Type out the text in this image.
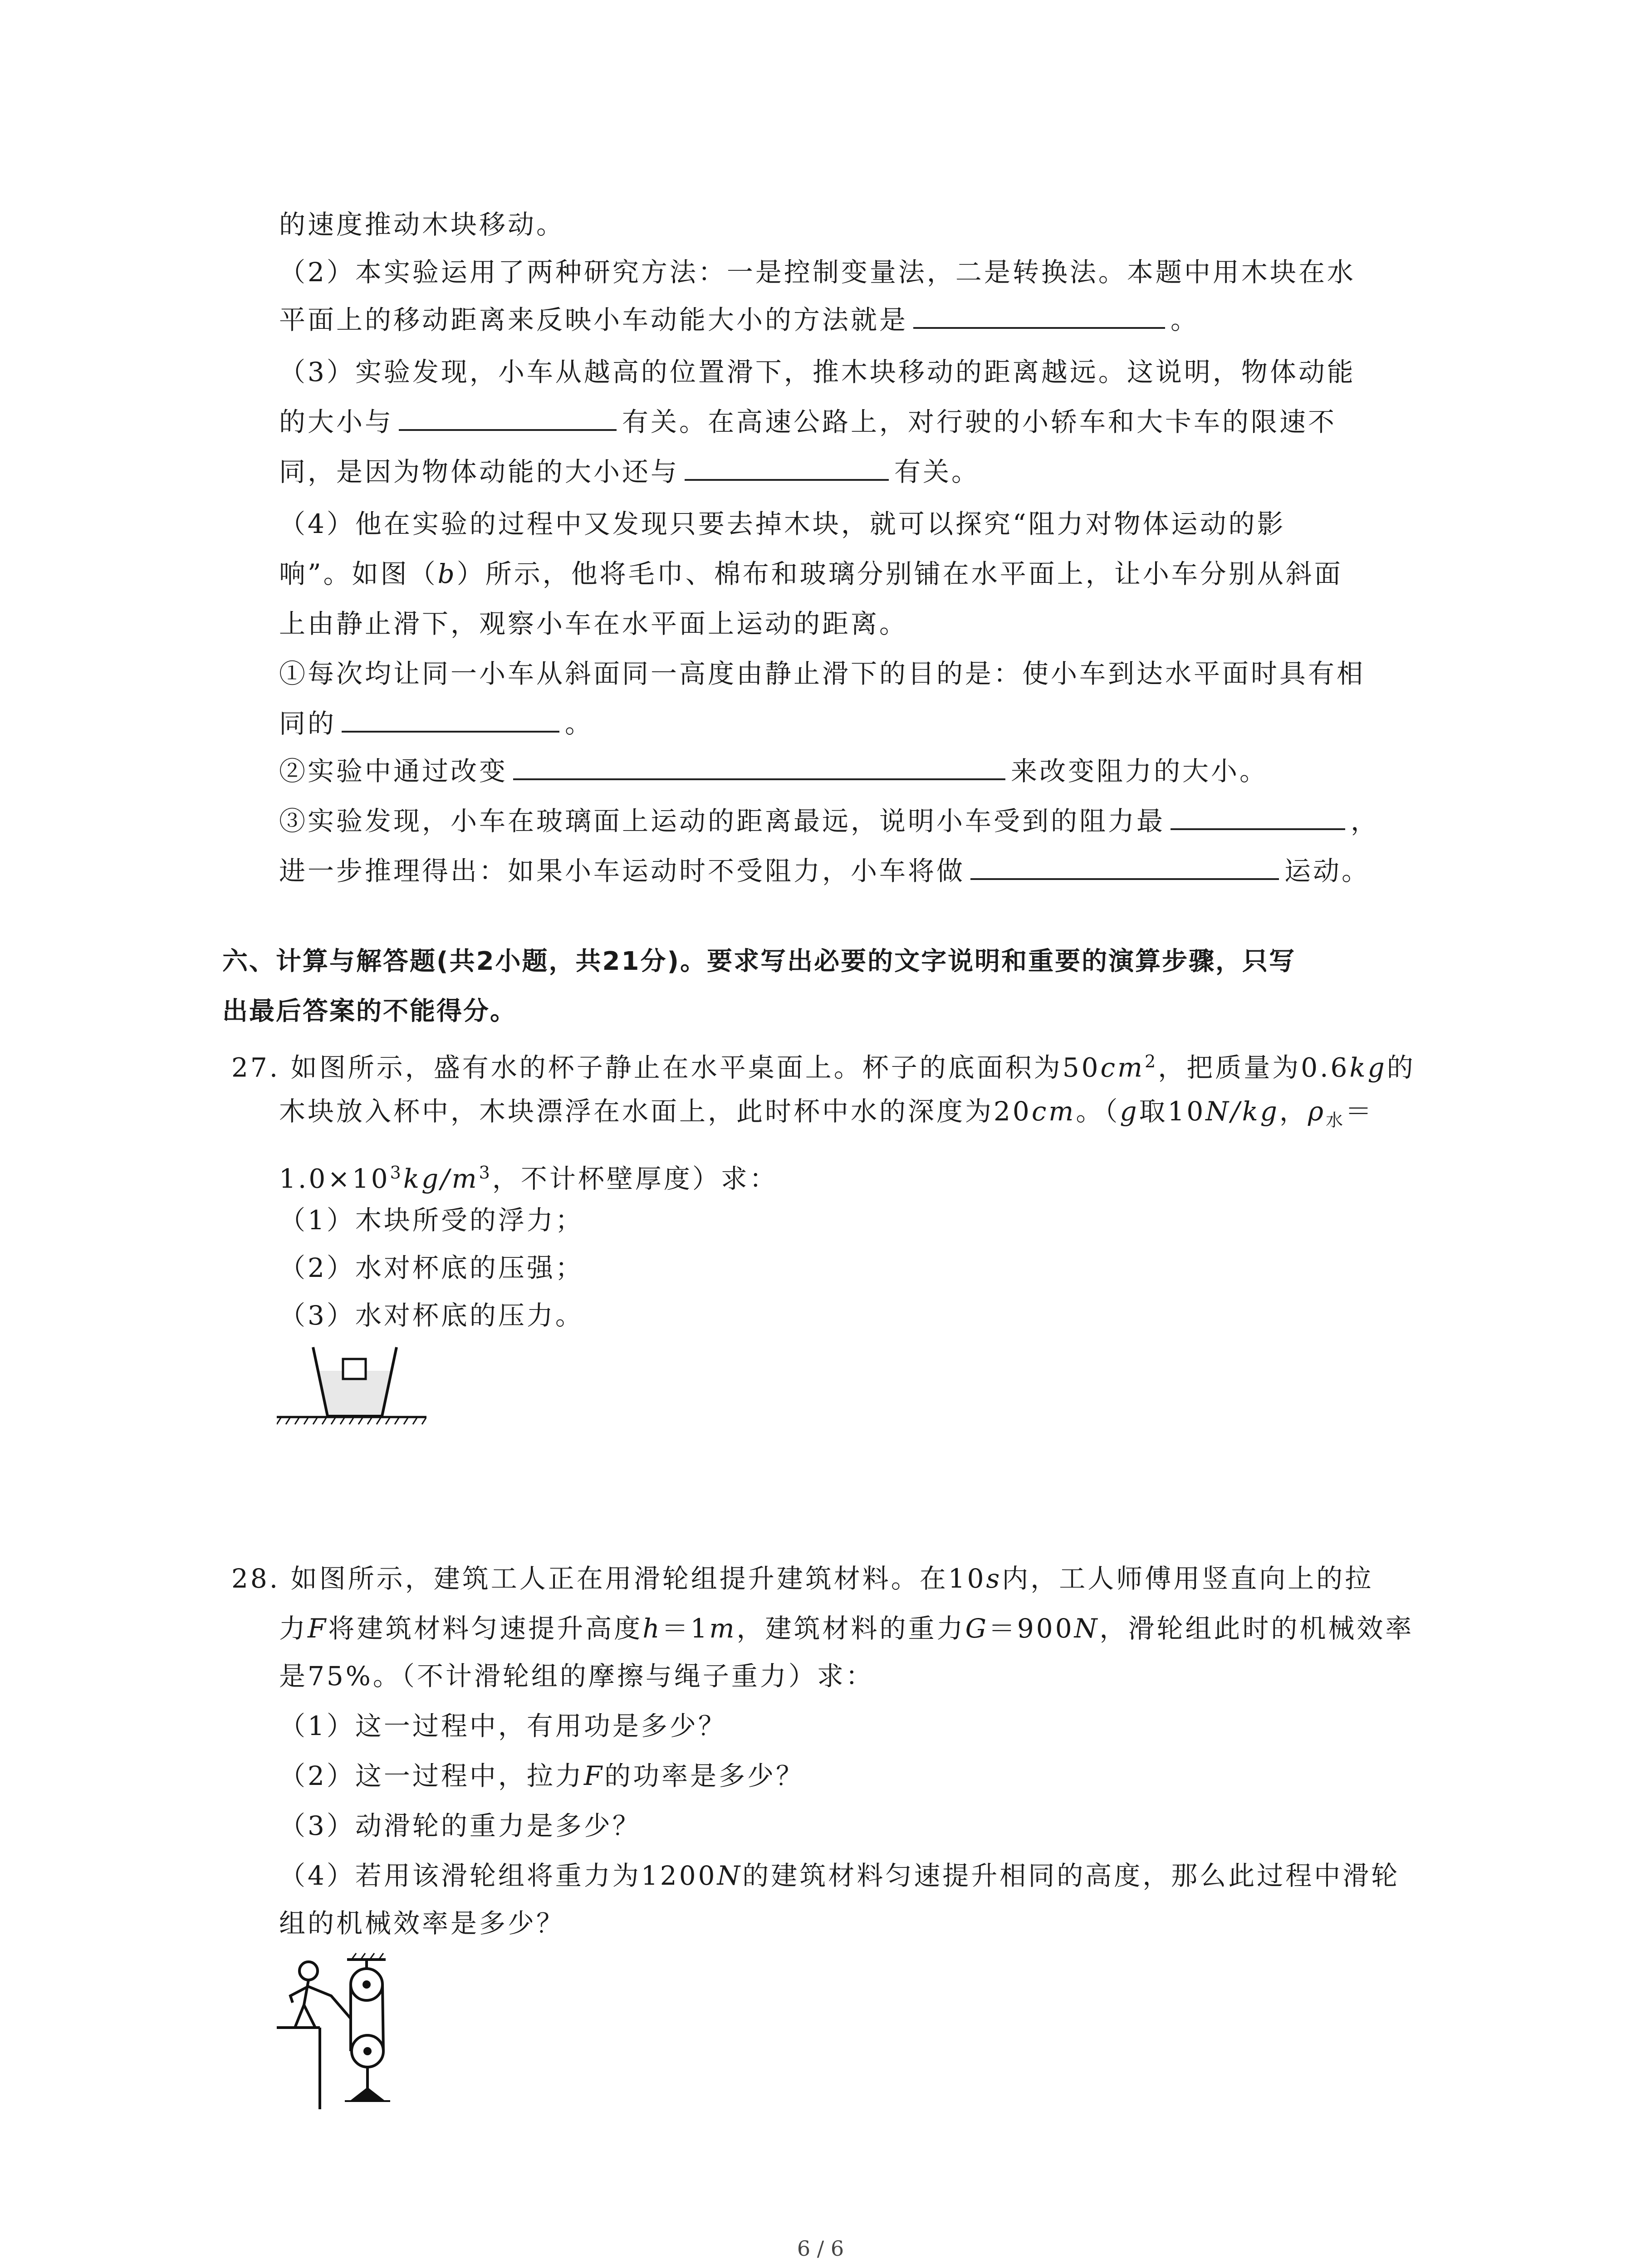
的速度推动木块移动。
（2）本实验运用了两种研究方法：一是控制变量法，二是转换法。本题中用木块在水
平面上的移动距离来反映小车动能大小的方法就是	。
（3）实验发现，小车从越高的位置滑下，推木块移动的距离越远。这说明，物体动能
的大小与	有关。在高速公路上，对行驶的小轿车和大卡车的限速不
同，是因为物体动能的大小还与	有关。
（4）他在实验的过程中又发现只要去掉木块，就可以探究“阻力对物体运动的影
响”。如图（b）所示，他将毛巾、棉布和玻璃分别铺在水平面上，让小车分别从斜面
上由静止滑下，观察小车在水平面上运动的距离。
①每次均让同一小车从斜面同一高度由静止滑下的目的是：使小车到达水平面时具有相
同的	。
②实验中通过改变	来改变阻力的大小。
③实验发现，小车在玻璃面上运动的距离最远，说明小车受到的阻力最	，
进一步推理得出：如果小车运动时不受阻力，小车将做	运动。
六、计算与解答题(共2小题，共21分)。要求写出必要的文字说明和重要的演算步骤，只写
出最后答案的不能得分。
27. 如图所示，盛有水的杯子静止在水平桌面上。杯子的底面积为$50cm^2$，把质量为0.6kg的
木块放入杯中，木块漂浮在水面上，此时杯中水的深度为20cm。（g取10N/kg，$\rho_水=$
$1.0\times 10^3kg/m^3$，不计杯壁厚度）求：
（1）木块所受的浮力；
（2）水对杯底的压强；
（3）水对杯底的压力。
28. 如图所示，建筑工人正在用滑轮组提升建筑材料。在10s内，工人师傅用竖直向上的拉
力F将建筑材料匀速提升高度h＝1m，建筑材料的重力G＝900N，滑轮组此时的机械效率
是75%。（不计滑轮组的摩擦与绳子重力）求：
（1）这一过程中，有用功是多少？
（2）这一过程中，拉力F的功率是多少？
（3）动滑轮的重力是多少？
（4）若用该滑轮组将重力为1200N的建筑材料匀速提升相同的高度，那么此过程中滑轮
组的机械效率是多少？
6 / 6
